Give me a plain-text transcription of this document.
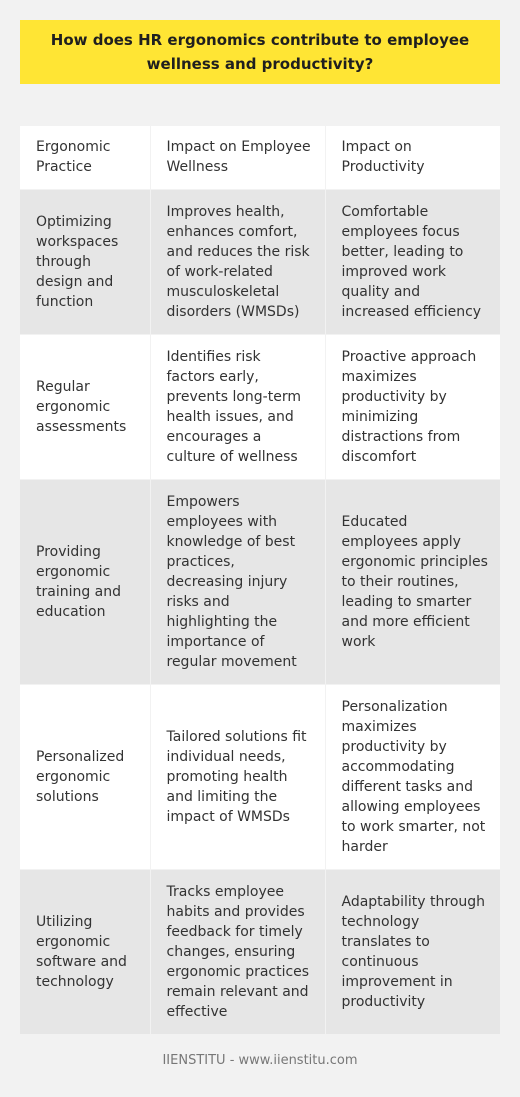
How does HR ergonomics contribute to employee wellness and productivity?
Ergonomic Practice	Impact on Employee Wellness	Impact on Productivity
Optimizing workspaces through design and function	Improves health, enhances comfort, and reduces the risk of work-related musculoskeletal disorders (WMSDs)	Comfortable employees focus better, leading to improved work quality and increased efficiency
Regular ergonomic assessments	Identifies risk factors early, prevents long-term health issues, and encourages a culture of wellness	Proactive approach maximizes productivity by minimizing distractions from discomfort
Providing ergonomic training and education	Empowers employees with knowledge of best practices, decreasing injury risks and highlighting the importance of regular movement	Educated employees apply ergonomic principles to their routines, leading to smarter and more efficient work
Personalized ergonomic solutions	Tailored solutions fit individual needs, promoting health and limiting the impact of WMSDs	Personalization maximizes productivity by accommodating different tasks and allowing employees to work smarter, not harder
Utilizing ergonomic software and technology	Tracks employee habits and provides feedback for timely changes, ensuring ergonomic practices remain relevant and effective	Adaptability through technology translates to continuous improvement in productivity
IIENSTITU - www.iienstitu.com
